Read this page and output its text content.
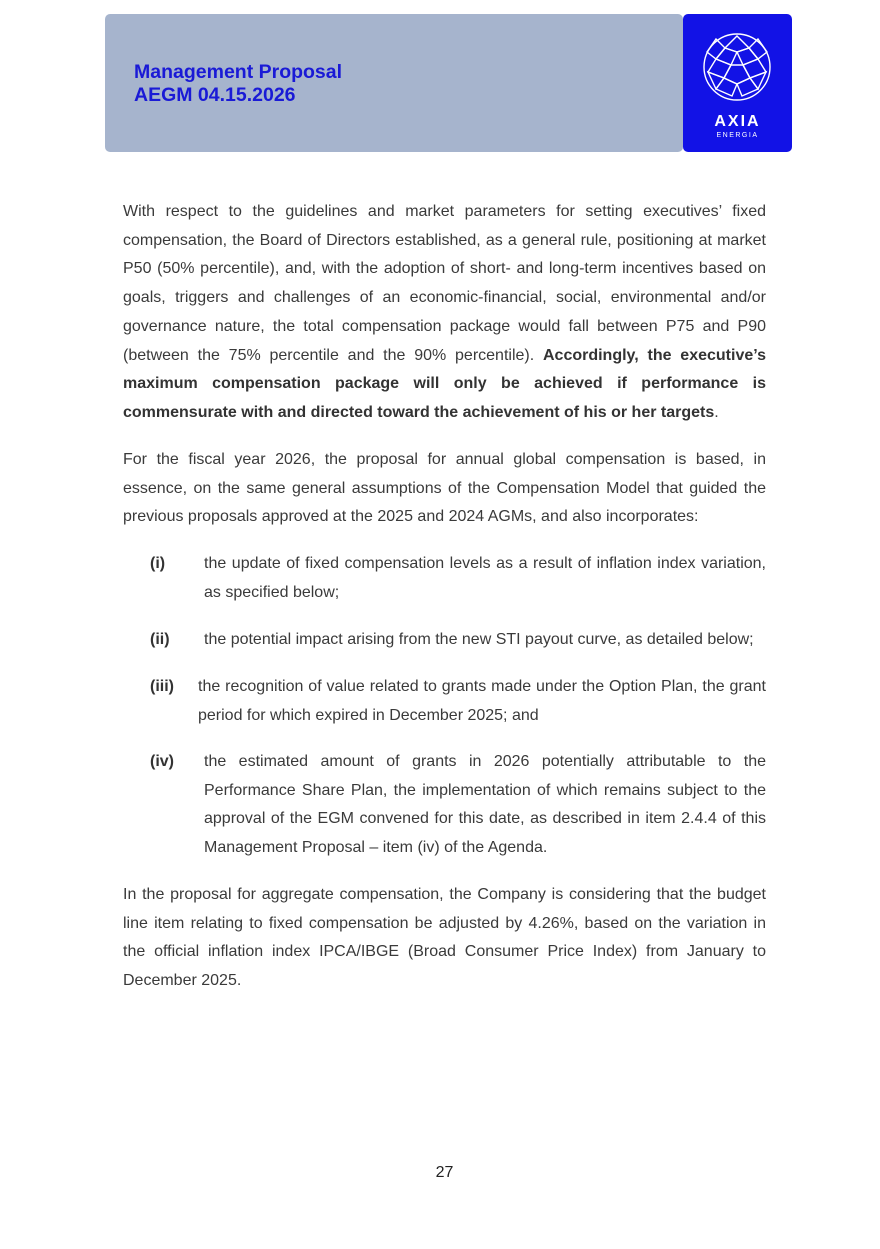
Management Proposal
AEGM 04.15.2026
AXIA
ENERGIA

With respect to the guidelines and market parameters for setting executives’ fixed compensation, the Board of Directors established, as a general rule, positioning at market P50 (50% percentile), and, with the adoption of short- and long-term incentives based on goals, triggers and challenges of an economic-financial, social, environmental and/or governance nature, the total compensation package would fall between P75 and P90 (between the 75% percentile and the 90% percentile). Accordingly, the executive’s maximum compensation package will only be achieved if performance is commensurate with and directed toward the achievement of his or her targets.

For the fiscal year 2026, the proposal for annual global compensation is based, in essence, on the same general assumptions of the Compensation Model that guided the previous proposals approved at the 2025 and 2024 AGMs, and also incorporates:

(i) the update of fixed compensation levels as a result of inflation index variation, as specified below;
(ii) the potential impact arising from the new STI payout curve, as detailed below;
(iii) the recognition of value related to grants made under the Option Plan, the grant period for which expired in December 2025; and
(iv) the estimated amount of grants in 2026 potentially attributable to the Performance Share Plan, the implementation of which remains subject to the approval of the EGM convened for this date, as described in item 2.4.4 of this Management Proposal – item (iv) of the Agenda.

In the proposal for aggregate compensation, the Company is considering that the budget line item relating to fixed compensation be adjusted by 4.26%, based on the variation in the official inflation index IPCA/IBGE (Broad Consumer Price Index) from January to December 2025.

27
